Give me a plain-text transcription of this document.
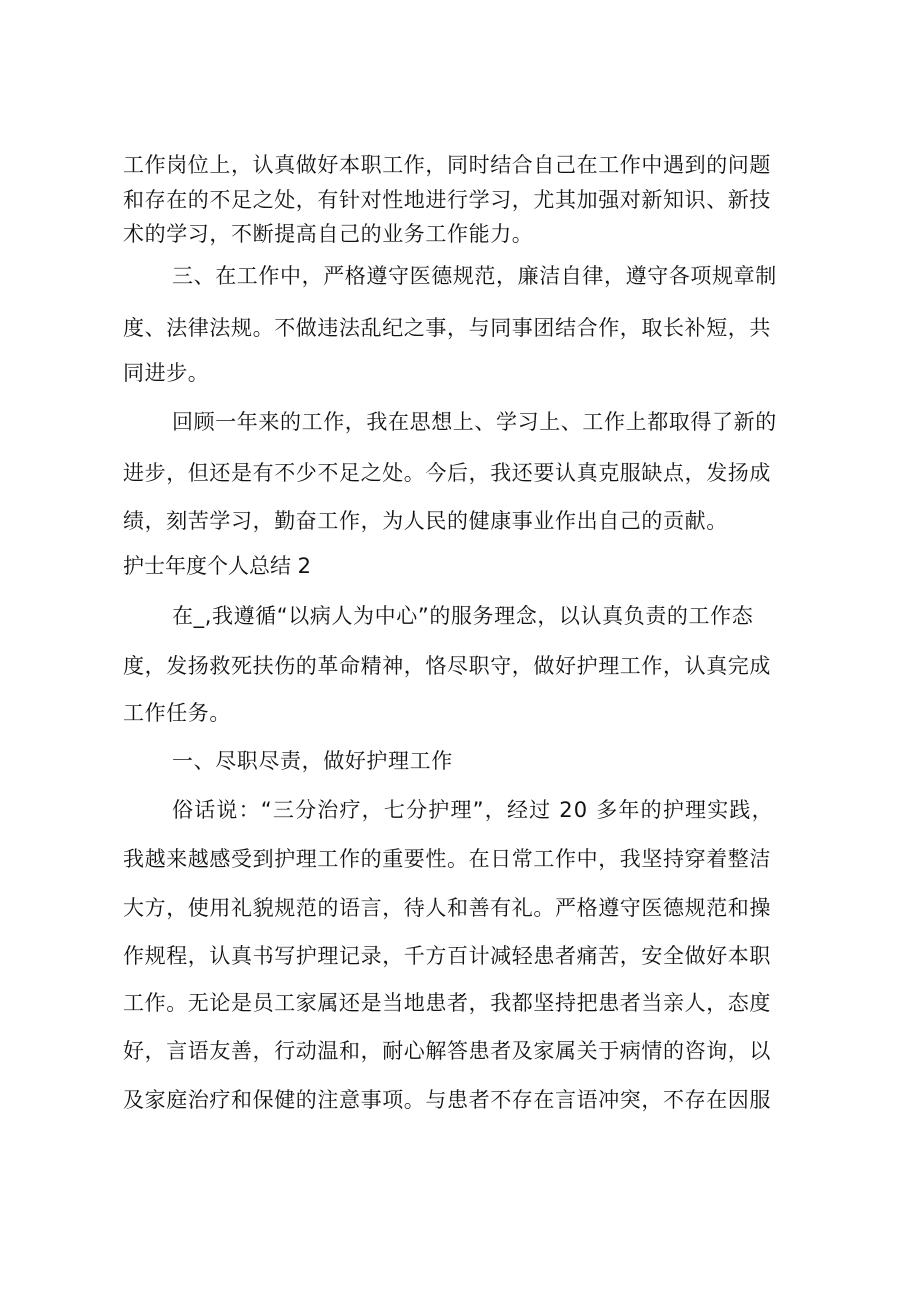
工作岗位上，认真做好本职工作，同时结合自己在工作中遇到的问题
和存在的不足之处，有针对性地进行学习，尤其加强对新知识、新技
术的学习，不断提高自己的业务工作能力。
三、在工作中，严格遵守医德规范，廉洁自律，遵守各项规章制
度、法律法规。不做违法乱纪之事，与同事团结合作，取长补短，共
同进步。
回顾一年来的工作，我在思想上、学习上、工作上都取得了新的
进步，但还是有不少不足之处。今后，我还要认真克服缺点，发扬成
绩，刻苦学习，勤奋工作，为人民的健康事业作出自己的贡献。
护士年度个人总结 2
在_,我遵循“以病人为中心”的服务理念，以认真负责的工作态
度，发扬救死扶伤的革命精神，恪尽职守，做好护理工作，认真完成
工作任务。
一、尽职尽责，做好护理工作
俗话说：“三分治疗，七分护理”，经过 20 多年的护理实践，
我越来越感受到护理工作的重要性。在日常工作中，我坚持穿着整洁
大方，使用礼貌规范的语言，待人和善有礼。严格遵守医德规范和操
作规程，认真书写护理记录，千方百计减轻患者痛苦，安全做好本职
工作。无论是员工家属还是当地患者，我都坚持把患者当亲人，态度
好，言语友善，行动温和，耐心解答患者及家属关于病情的咨询，以
及家庭治疗和保健的注意事项。与患者不存在言语冲突，不存在因服
